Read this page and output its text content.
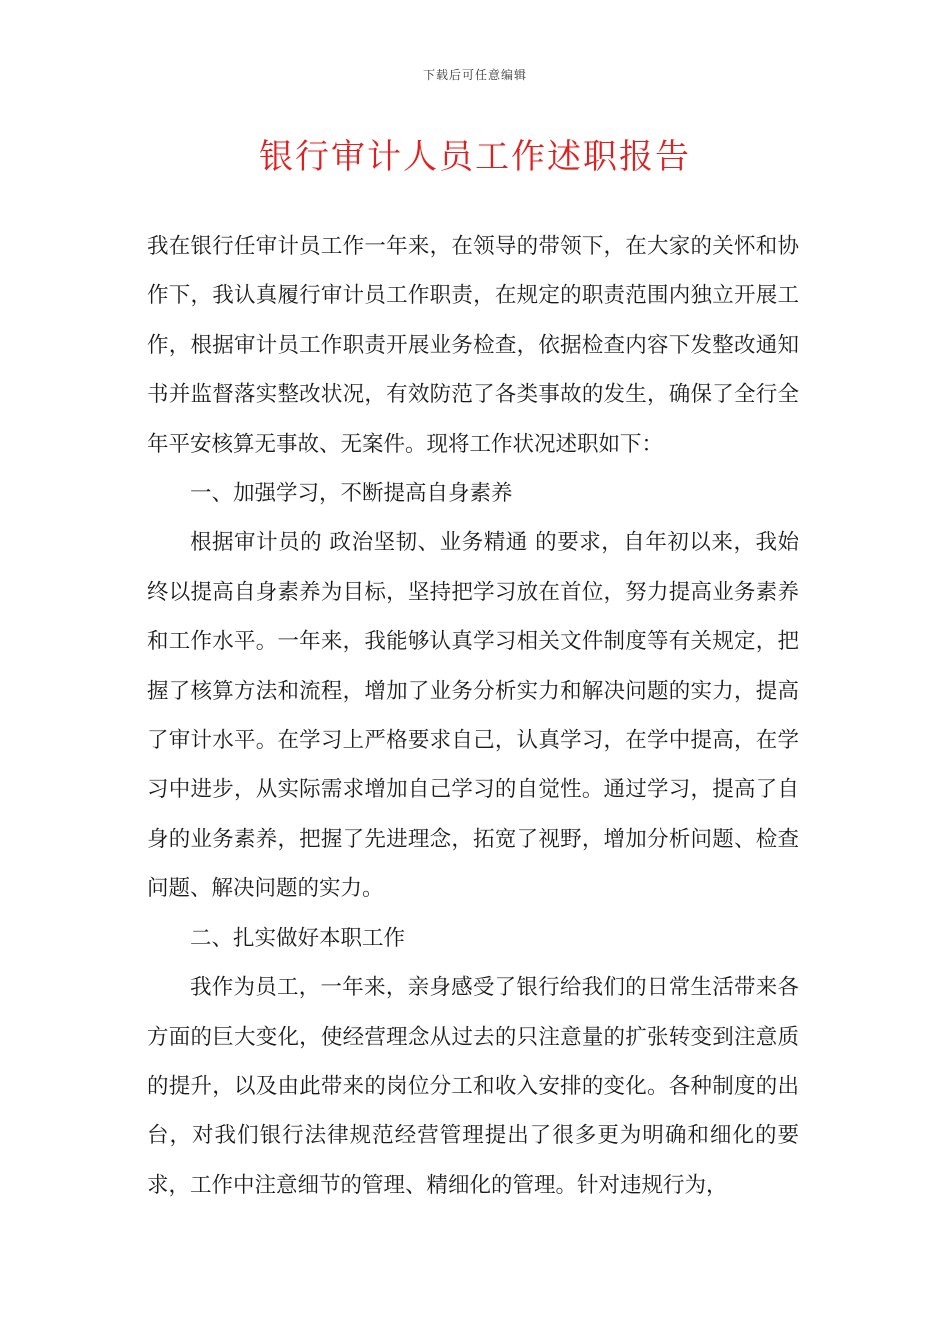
下载后可任意编辑
银行审计人员工作述职报告

我在银行任审计员工作一年来，在领导的带领下，在大家的关怀和协作下，我认真履行审计员工作职责，在规定的职责范围内独立开展工作，根据审计员工作职责开展业务检查，依据检查内容下发整改通知书并监督落实整改状况，有效防范了各类事故的发生，确保了全行全年平安核算无事故、无案件。现将工作状况述职如下：

一、加强学习，不断提高自身素养

根据审计员的 政治坚韧、业务精通 的要求，自年初以来，我始终以提高自身素养为目标，坚持把学习放在首位，努力提高业务素养和工作水平。一年来，我能够认真学习相关文件制度等有关规定，把握了核算方法和流程，增加了业务分析实力和解决问题的实力，提高了审计水平。在学习上严格要求自己，认真学习，在学中提高，在学习中进步，从实际需求增加自己学习的自觉性。通过学习，提高了自身的业务素养，把握了先进理念，拓宽了视野，增加分析问题、检查问题、解决问题的实力。

二、扎实做好本职工作

我作为员工，一年来，亲身感受了银行给我们的日常生活带来各方面的巨大变化，使经营理念从过去的只注意量的扩张转变到注意质的提升，以及由此带来的岗位分工和收入安排的变化。各种制度的出台，对我们银行法律规范经营管理提出了很多更为明确和细化的要求，工作中注意细节的管理、精细化的管理。针对违规行为，
